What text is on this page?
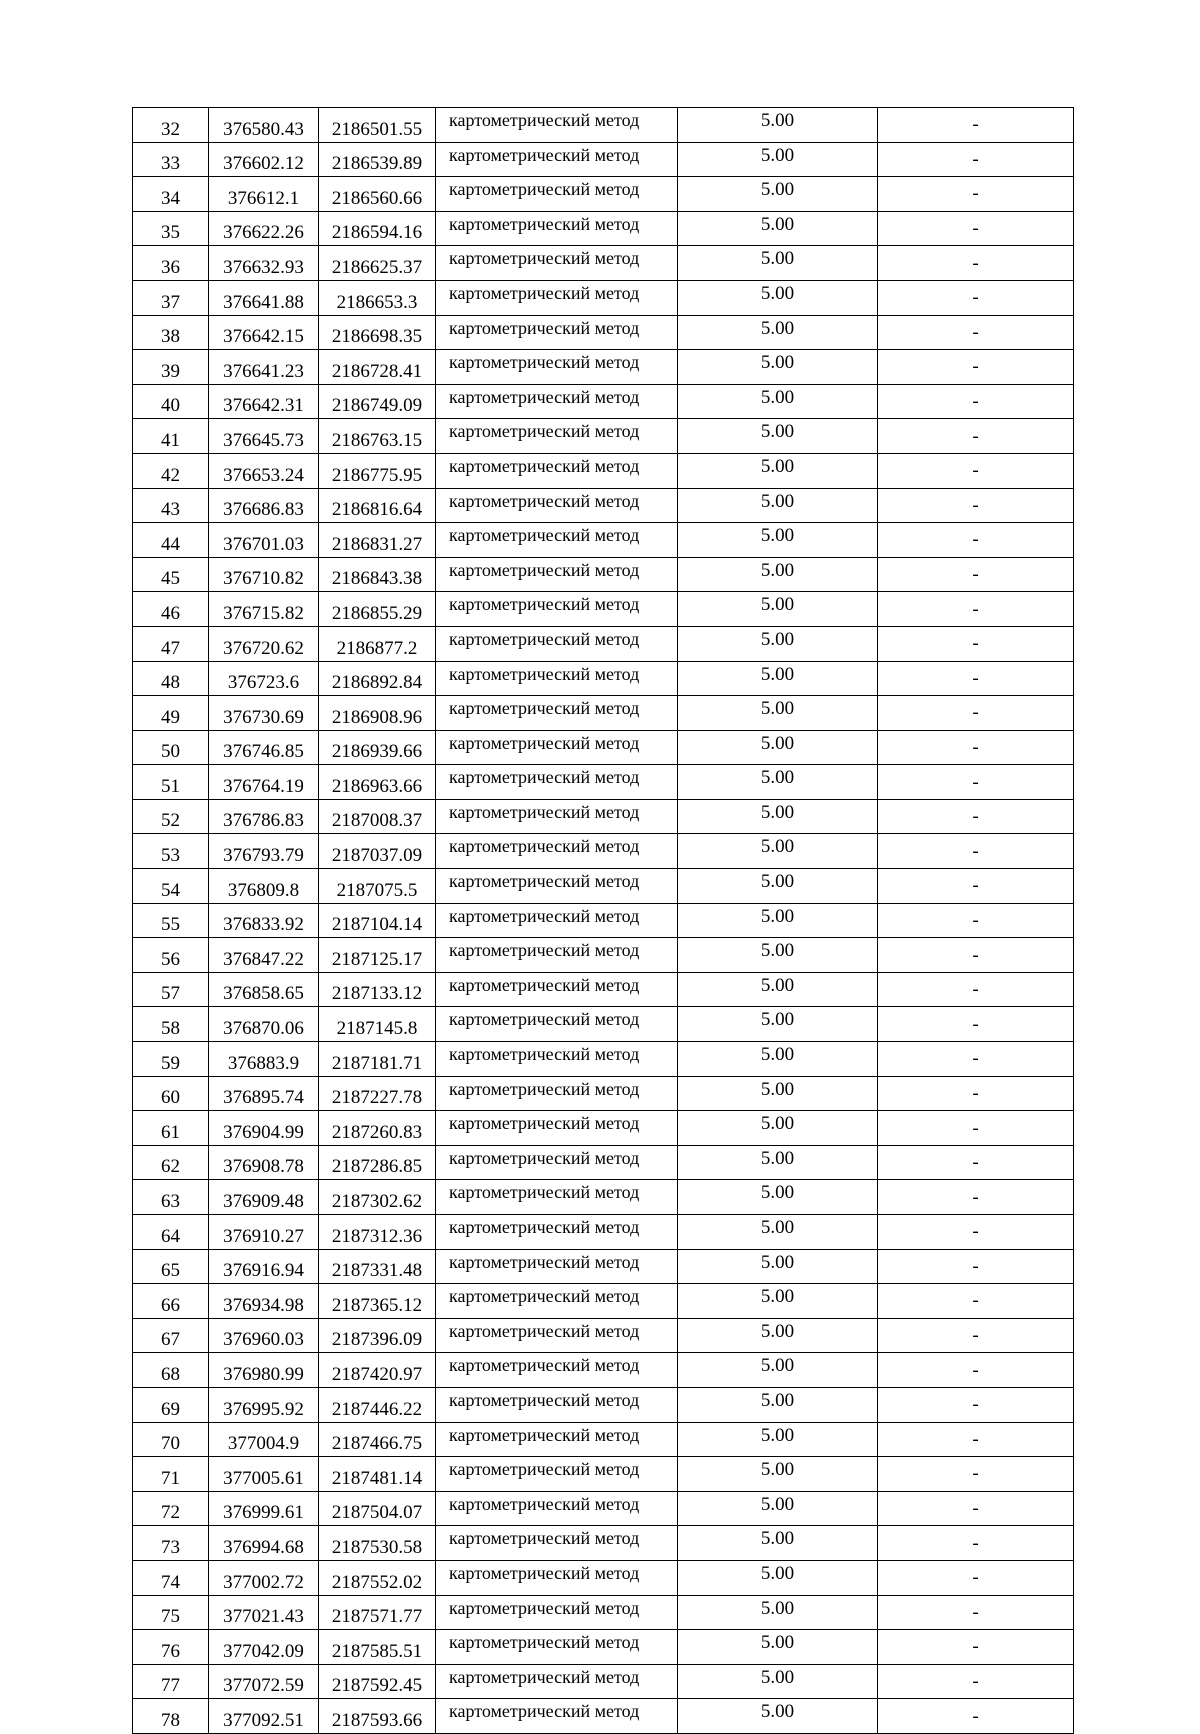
32	376580.43	2186501.55	картометрический метод	5.00	-
33	376602.12	2186539.89	картометрический метод	5.00	-
34	376612.1	2186560.66	картометрический метод	5.00	-
35	376622.26	2186594.16	картометрический метод	5.00	-
36	376632.93	2186625.37	картометрический метод	5.00	-
37	376641.88	2186653.3	картометрический метод	5.00	-
38	376642.15	2186698.35	картометрический метод	5.00	-
39	376641.23	2186728.41	картометрический метод	5.00	-
40	376642.31	2186749.09	картометрический метод	5.00	-
41	376645.73	2186763.15	картометрический метод	5.00	-
42	376653.24	2186775.95	картометрический метод	5.00	-
43	376686.83	2186816.64	картометрический метод	5.00	-
44	376701.03	2186831.27	картометрический метод	5.00	-
45	376710.82	2186843.38	картометрический метод	5.00	-
46	376715.82	2186855.29	картометрический метод	5.00	-
47	376720.62	2186877.2	картометрический метод	5.00	-
48	376723.6	2186892.84	картометрический метод	5.00	-
49	376730.69	2186908.96	картометрический метод	5.00	-
50	376746.85	2186939.66	картометрический метод	5.00	-
51	376764.19	2186963.66	картометрический метод	5.00	-
52	376786.83	2187008.37	картометрический метод	5.00	-
53	376793.79	2187037.09	картометрический метод	5.00	-
54	376809.8	2187075.5	картометрический метод	5.00	-
55	376833.92	2187104.14	картометрический метод	5.00	-
56	376847.22	2187125.17	картометрический метод	5.00	-
57	376858.65	2187133.12	картометрический метод	5.00	-
58	376870.06	2187145.8	картометрический метод	5.00	-
59	376883.9	2187181.71	картометрический метод	5.00	-
60	376895.74	2187227.78	картометрический метод	5.00	-
61	376904.99	2187260.83	картометрический метод	5.00	-
62	376908.78	2187286.85	картометрический метод	5.00	-
63	376909.48	2187302.62	картометрический метод	5.00	-
64	376910.27	2187312.36	картометрический метод	5.00	-
65	376916.94	2187331.48	картометрический метод	5.00	-
66	376934.98	2187365.12	картометрический метод	5.00	-
67	376960.03	2187396.09	картометрический метод	5.00	-
68	376980.99	2187420.97	картометрический метод	5.00	-
69	376995.92	2187446.22	картометрический метод	5.00	-
70	377004.9	2187466.75	картометрический метод	5.00	-
71	377005.61	2187481.14	картометрический метод	5.00	-
72	376999.61	2187504.07	картометрический метод	5.00	-
73	376994.68	2187530.58	картометрический метод	5.00	-
74	377002.72	2187552.02	картометрический метод	5.00	-
75	377021.43	2187571.77	картометрический метод	5.00	-
76	377042.09	2187585.51	картометрический метод	5.00	-
77	377072.59	2187592.45	картометрический метод	5.00	-
78	377092.51	2187593.66	картометрический метод	5.00	-
